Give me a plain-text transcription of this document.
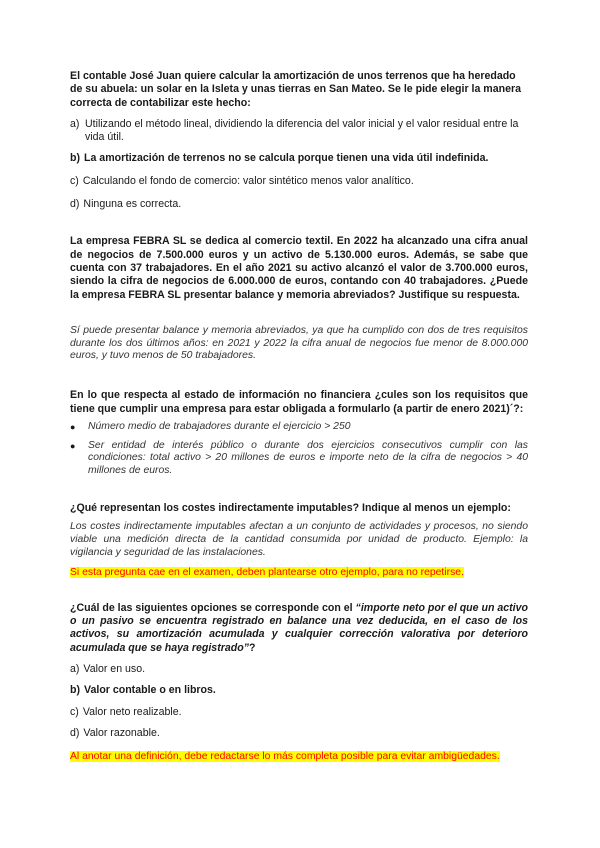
El contable José Juan quiere calcular la amortización de unos terrenos que ha heredado de su abuela: un solar en la Isleta y unas tierras en San Mateo. Se le pide elegir la manera correcta de contabilizar este hecho:

a) Utilizando el método lineal, dividiendo la diferencia del valor inicial y el valor residual entre la vida útil.
b) La amortización de terrenos no se calcula porque tienen una vida útil indefinida.
c) Calculando el fondo de comercio: valor sintético menos valor analítico.
d) Ninguna es correcta.

La empresa FEBRA SL se dedica al comercio textil. En 2022 ha alcanzado una cifra anual de negocios de 7.500.000 euros y un activo de 5.130.000 euros. Además, se sabe que cuenta con 37 trabajadores. En el año 2021 su activo alcanzó el valor de 3.700.000 euros, siendo la cifra de negocios de 6.000.000 de euros, contando con 40 trabajadores. ¿Puede la empresa FEBRA SL presentar balance y memoria abreviados? Justifique su respuesta.

Sí puede presentar balance y memoria abreviados, ya que ha cumplido con dos de tres requisitos durante los dos últimos años: en 2021 y 2022 la cifra anual de negocios fue menor de 8.000.000 euros, y tuvo menos de 50 trabajadores.

En lo que respecta al estado de información no financiera ¿cules son los requisitos que tiene que cumplir una empresa para estar obligada a formularlo (a partir de enero 2021)´?:

●	Número medio de trabajadores durante el ejercicio > 250
●	Ser entidad de interés público o durante dos ejercicios consecutivos cumplir con las condiciones: total activo > 20 millones de euros e importe neto de la cifra de negocios > 40 millones de euros.

¿Qué representan los costes indirectamente imputables? Indique al menos un ejemplo:

Los costes indirectamente imputables afectan a un conjunto de actividades y procesos, no siendo viable una medición directa de la cantidad consumida por unidad de producto. Ejemplo: la vigilancia y seguridad de las instalaciones.

Si esta pregunta cae en el examen, deben plantearse otro ejemplo, para no repetirse.

¿Cuál de las siguientes opciones se corresponde con el “importe neto por el que un activo o un pasivo se encuentra registrado en balance una vez deducida, en el caso de los activos, su amortización acumulada y cualquier corrección valorativa por deterioro acumulada que se haya registrado”?

a) Valor en uso.
b) Valor contable o en libros.
c) Valor neto realizable.
d) Valor razonable.
Al anotar una definición, debe redactarse lo más completa posible para evitar ambigüedades.
